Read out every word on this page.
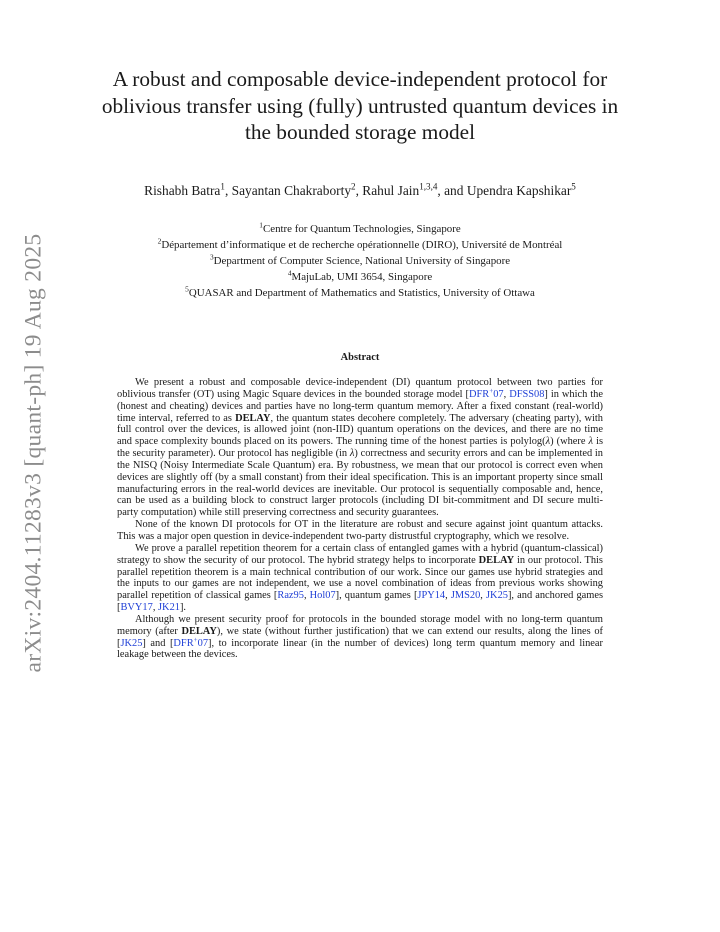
arXiv:2404.11283v3 [quant-ph] 19 Aug 2025
A robust and composable device-independent protocol for
oblivious transfer using (fully) untrusted quantum devices in
the bounded storage model
Rishabh Batra$^1$, Sayantan Chakraborty$^2$, Rahul Jain$^{1,3,4}$, and Upendra Kapshikar$^5$
$^1$Centre for Quantum Technologies, Singapore
$^2$Département d’informatique et de recherche opérationnelle (DIRO), Université de Montréal
$^3$Department of Computer Science, National University of Singapore
$^4$MajuLab, UMI 3654, Singapore
$^5$QUASAR and Department of Mathematics and Statistics, University of Ottawa
Abstract

We present a robust and composable device-independent (DI) quantum protocol between two parties for oblivious transfer (OT) using Magic Square devices in the bounded storage model [DFR+07, DFSS08] in which the (honest and cheating) devices and parties have no long-term quantum memory. After a fixed constant (real-world) time interval, referred to as DELAY, the quantum states decohere completely. The adversary (cheating party), with full control over the devices, is allowed joint (non-IID) quantum operations on the devices, and there are no time and space complexity bounds placed on its powers. The running time of the honest parties is polylog(λ) (where λ is the security parameter). Our protocol has negligible (in λ) correctness and security errors and can be implemented in the NISQ (Noisy Intermediate Scale Quantum) era. By robustness, we mean that our protocol is correct even when devices are slightly off (by a small constant) from their ideal specification. This is an important property since small manufacturing errors in the real-world devices are inevitable. Our protocol is sequentially composable and, hence, can be used as a building block to construct larger protocols (including DI bit-commitment and DI secure multi-party computation) while still preserving correctness and security guarantees.

None of the known DI protocols for OT in the literature are robust and secure against joint quantum attacks. This was a major open question in device-independent two-party distrustful cryptography, which we resolve.

We prove a parallel repetition theorem for a certain class of entangled games with a hybrid (quantum-classical) strategy to show the security of our protocol. The hybrid strategy helps to incorporate DELAY in our protocol. This parallel repetition theorem is a main technical contribution of our work. Since our games use hybrid strategies and the inputs to our games are not independent, we use a novel combination of ideas from previous works showing parallel repetition of classical games [Raz95, Hol07], quantum games [JPY14, JMS20, JK25], and anchored games [BVY17, JK21].

Although we present security proof for protocols in the bounded storage model with no long-term quantum memory (after DELAY), we state (without further justification) that we can extend our results, along the lines of [JK25] and [DFR+07], to incorporate linear (in the number of devices) long term quantum memory and linear leakage between the devices.
